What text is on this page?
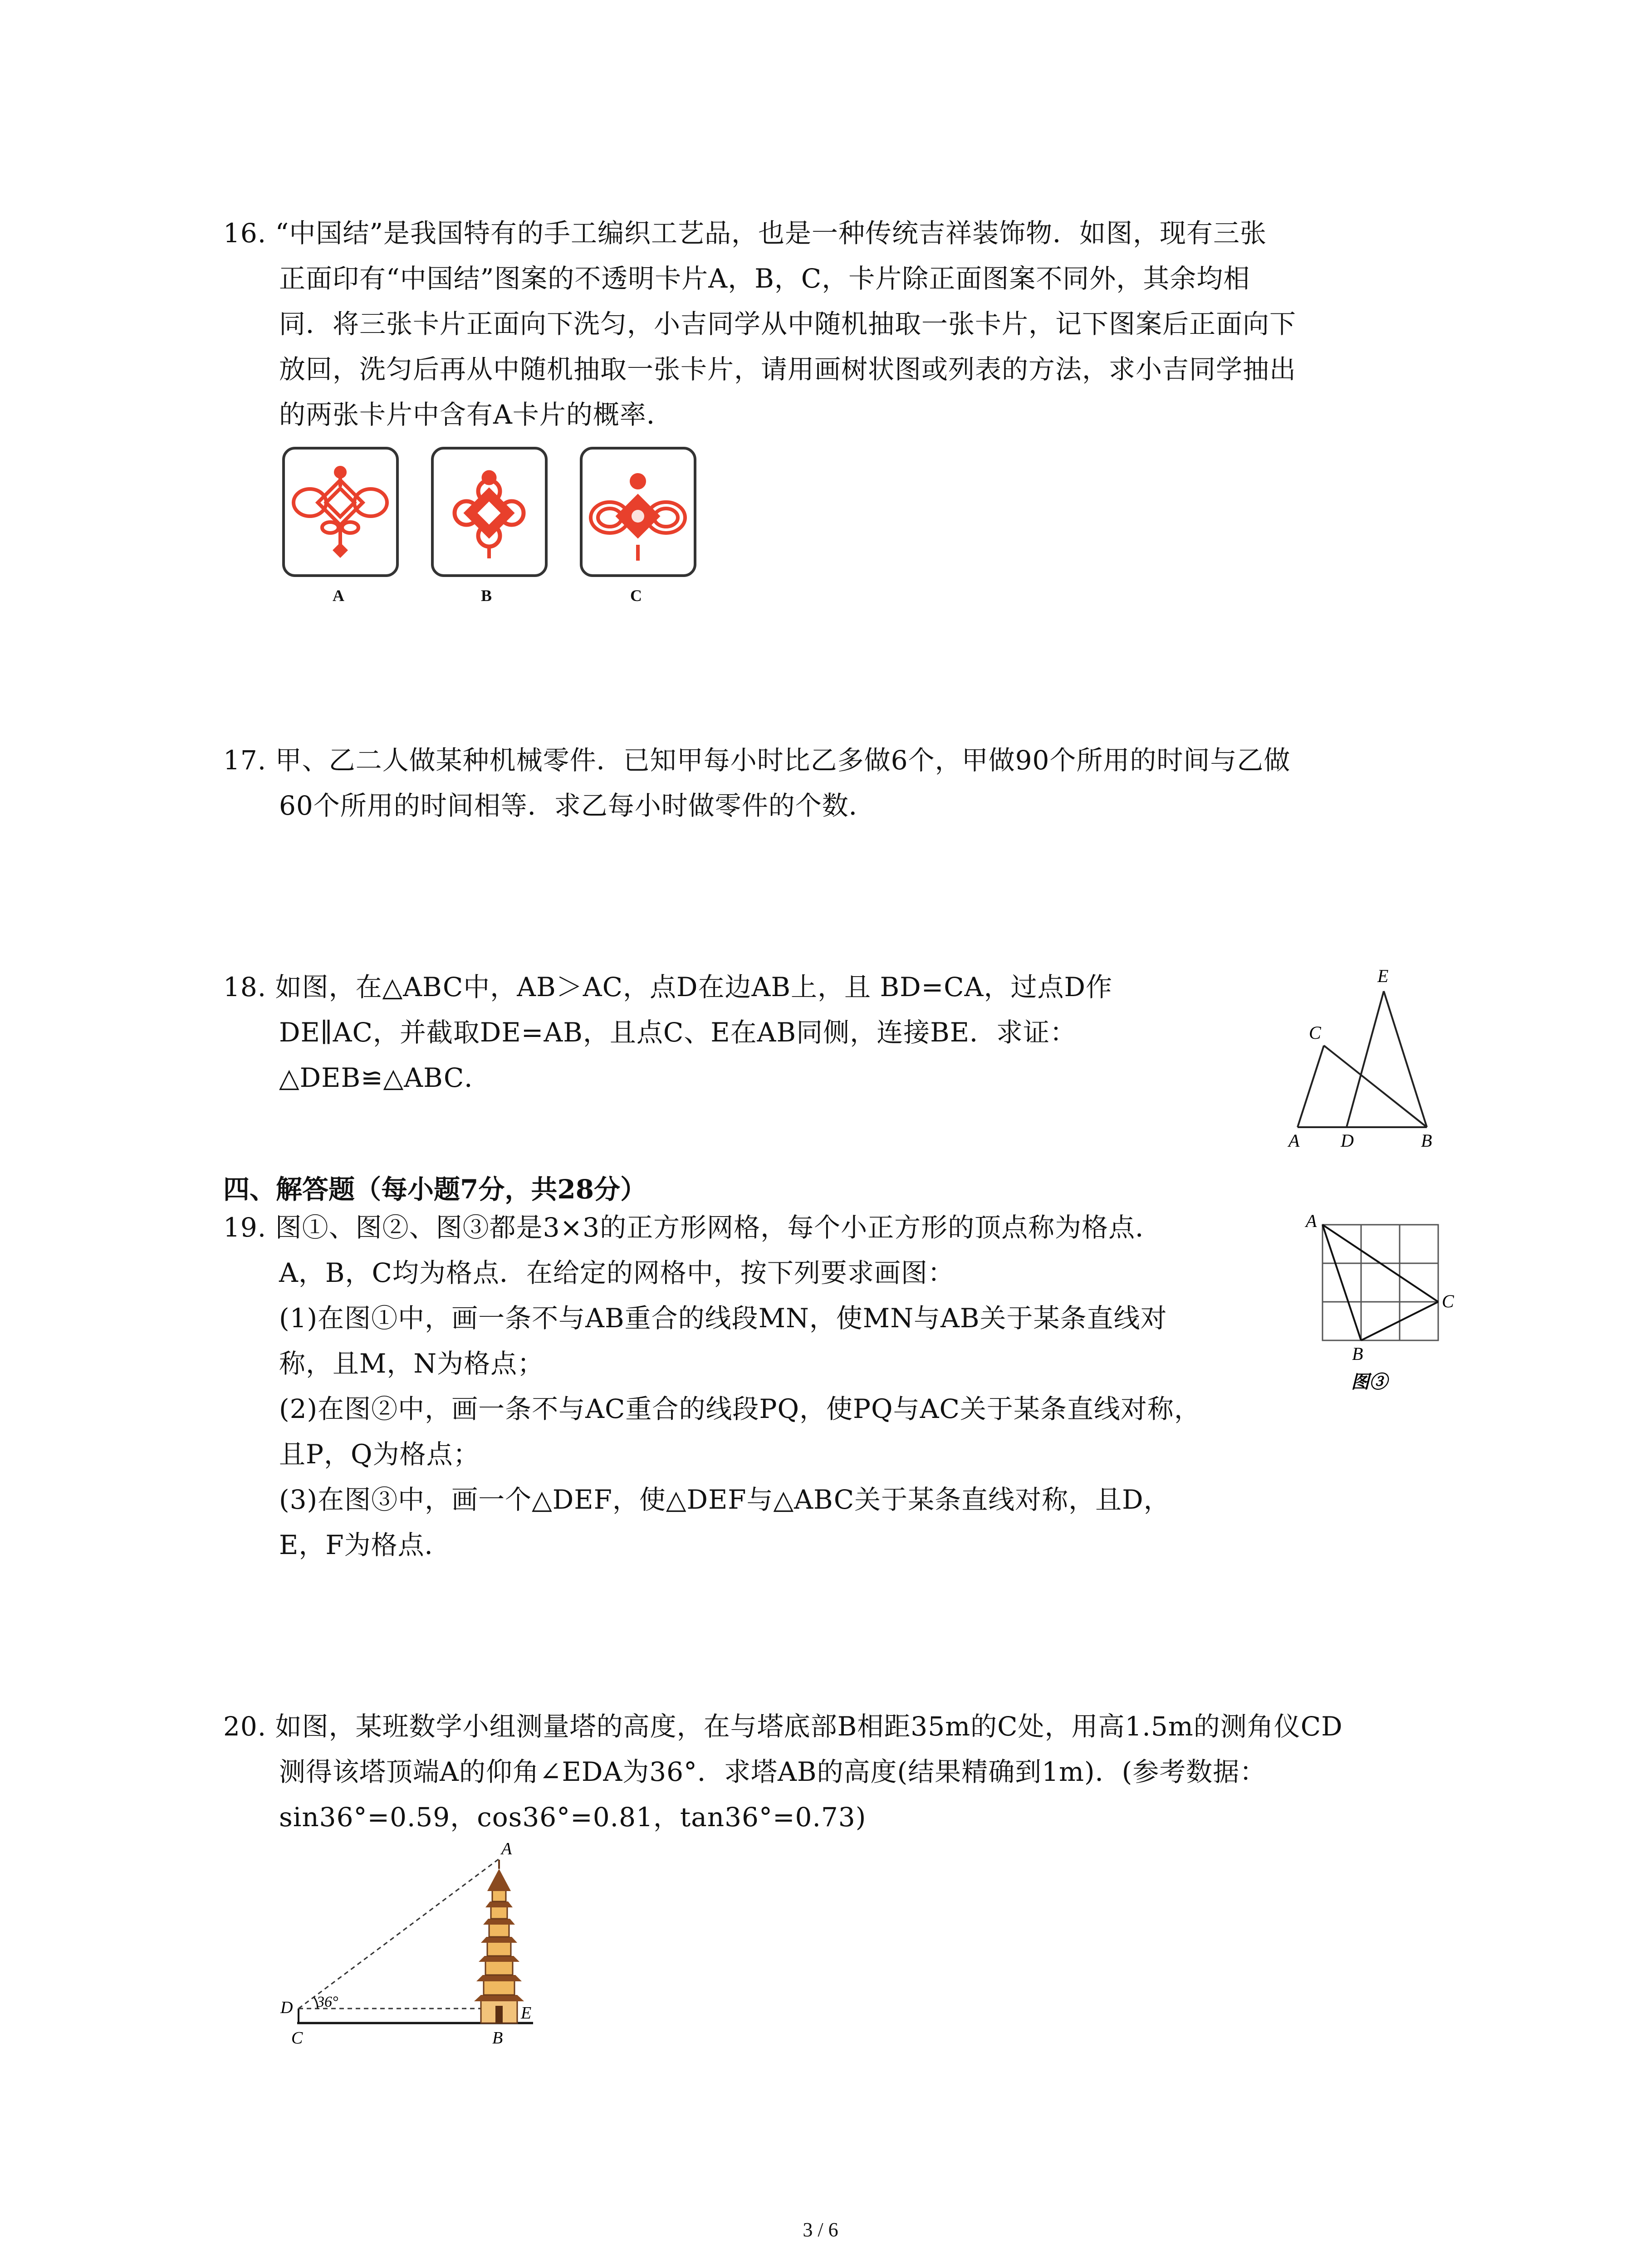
16. “中国结”是我国特有的手工编织工艺品，也是一种传统吉祥装饰物．如图，现有三张
正面印有“中国结”图案的不透明卡片A，B，C，卡片除正面图案不同外，其余均相
同．将三张卡片正面向下洗匀，小吉同学从中随机抽取一张卡片，记下图案后正面向下
放回，洗匀后再从中随机抽取一张卡片，请用画树状图或列表的方法，求小吉同学抽出
的两张卡片中含有A卡片的概率．
A	B	C
17. 甲、乙二人做某种机械零件．已知甲每小时比乙多做6个，甲做90个所用的时间与乙做
60个所用的时间相等．求乙每小时做零件的个数．
18. 如图，在△ABC中，AB＞AC，点D在边AB上，且 BD=CA，过点D作
DE∥AC，并截取DE=AB，且点C、E在AB同侧，连接BE．求证：
△DEB≌△ABC．
E
C
A D	B
四、解答题（每小题7分，共28分）
19. 图①、图②、图③都是3×3的正方形网格，每个小正方形的顶点称为格点．
A，B，C均为格点．在给定的网格中，按下列要求画图：
(1)在图①中，画一条不与AB重合的线段MN，使MN与AB关于某条直线对
称，且M，N为格点；
(2)在图②中，画一条不与AC重合的线段PQ，使PQ与AC关于某条直线对称，
且P，Q为格点；
(3)在图③中，画一个△DEF，使△DEF与△ABC关于某条直线对称，且D，
E，F为格点．
A
C
B
图③
20. 如图，某班数学小组测量塔的高度，在与塔底部B相距35m的C处，用高1.5m的测角仪CD
测得该塔顶端A的仰角∠EDA为36°．求塔AB的高度(结果精确到1m)．(参考数据：
sin36°=0.59，cos36°=0.81，tan36°=0.73)
A
D 36°
E
C	B
3 / 6
